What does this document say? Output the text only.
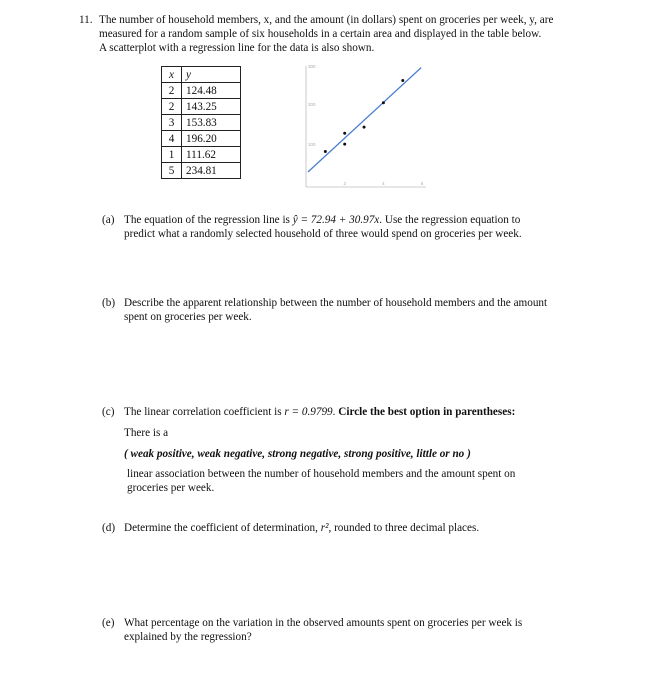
11. The number of household members, x, and the amount (in dollars) spent on groceries per week, y, are

measured for a random sample of six households in a certain area and displayed in the table below.

A scatterplot with a regression line for the data is also shown.

x	y
2	124.48
2	143.25
3	153.83
4	196.20
1	111.62
5	234.81
300
200
100
2	4	6
(a) The equation of the regression line is ŷ = 72.94 + 30.97x. Use the regression equation to

predict what a randomly selected household of three would spend on groceries per week.

(b) Describe the apparent relationship between the number of household members and the amount

spent on groceries per week.

(c) The linear correlation coefficient is r = 0.9799. Circle the best option in parentheses:

There is a
( weak positive, weak negative, strong negative, strong positive, little or no )

linear association between the number of household members and the amount spent on

groceries per week.

(d) Determine the coefficient of determination, r², rounded to three decimal places.
(e) What percentage on the variation in the observed amounts spent on groceries per week is

explained by the regression?
